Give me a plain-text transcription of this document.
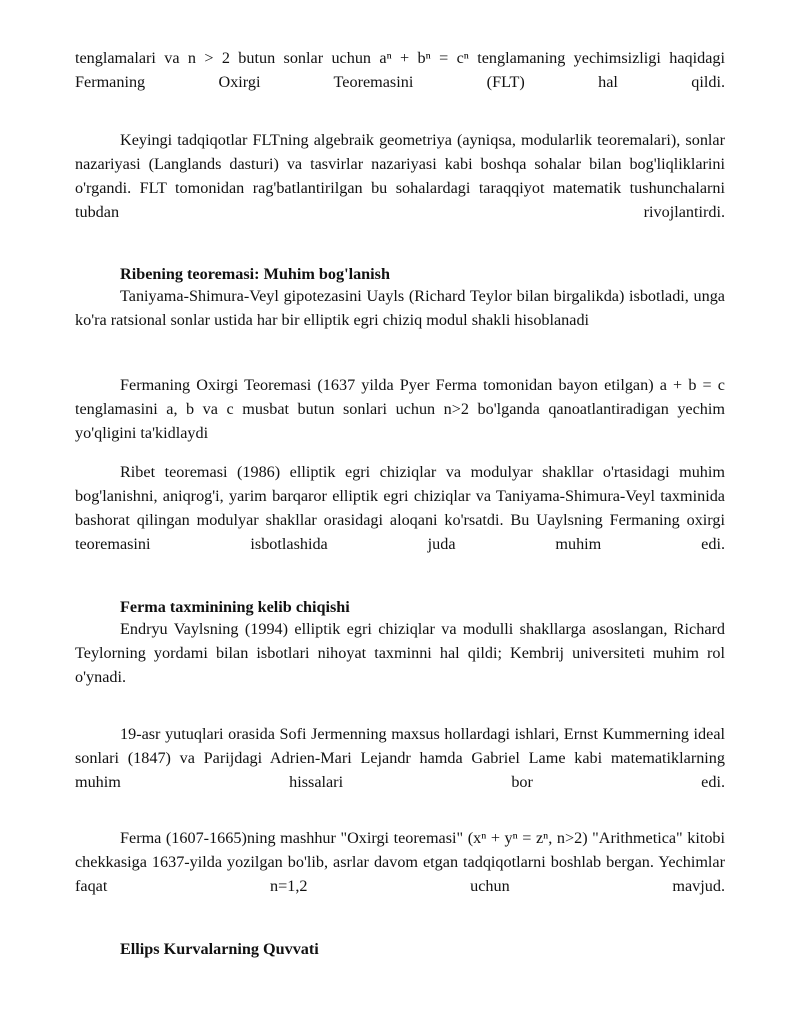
tenglamalari va n > 2 butun sonlar uchun aⁿ + bⁿ = cⁿ tenglamaning yechimsizligi haqidagi

Fermaning Oxirgi Teoremasini (FLT) hal qildi.

Keyingi tadqiqotlar FLTning algebraik geometriya (ayniqsa, modularlik teoremalari), sonlar nazariyasi (Langlands dasturi) va tasvirlar nazariyasi kabi boshqa sohalar bilan bog'liqliklarini o'rgandi. FLT tomonidan rag'batlantirilgan bu sohalardagi taraqqiyot matematik tushunchalarni tubdan rivojlantirdi.

Ribening teoremasi: Muhim bog'lanish

Taniyama-Shimura-Veyl gipotezasini Uayls (Richard Teylor bilan birgalikda) isbotladi, unga ko'ra ratsional sonlar ustida har bir elliptik egri chiziq modul shakli hisoblanadi

Fermaning Oxirgi Teoremasi (1637 yilda Pyer Ferma tomonidan bayon etilgan) a + b = c tenglamasini a, b va c musbat butun sonlari uchun n>2 bo'lganda qanoatlantiradigan yechim yo'qligini ta'kidlaydi

Ribet teoremasi (1986) elliptik egri chiziqlar va modulyar shakllar o'rtasidagi muhim bog'lanishni, aniqrog'i, yarim barqaror elliptik egri chiziqlar va Taniyama-Shimura-Veyl taxminida bashorat qilingan modulyar shakllar orasidagi aloqani ko'rsatdi. Bu Uaylsning Fermaning oxirgi teoremasini isbotlashida juda muhim edi.

Ferma taxminining kelib chiqishi

Endryu Vaylsning (1994) elliptik egri chiziqlar va modulli shakllarga asoslangan, Richard Teylorning yordami bilan isbotlari nihoyat taxminni hal qildi; Kembrij universiteti muhim rol o'ynadi.

19-asr yutuqlari orasida Sofi Jermenning maxsus hollardagi ishlari, Ernst Kummerning ideal sonlari (1847) va Parijdagi Adrien-Mari Lejandr hamda Gabriel Lame kabi matematiklarning muhim hissalari bor edi.

Ferma (1607-1665)ning mashhur "Oxirgi teoremasi" (xⁿ + yⁿ = zⁿ, n>2) "Arithmetica" kitobi chekkasiga 1637-yilda yozilgan bo'lib, asrlar davom etgan tadqiqotlarni boshlab bergan. Yechimlar faqat n=1,2 uchun mavjud.

Ellips Kurvalarning Quvvati
